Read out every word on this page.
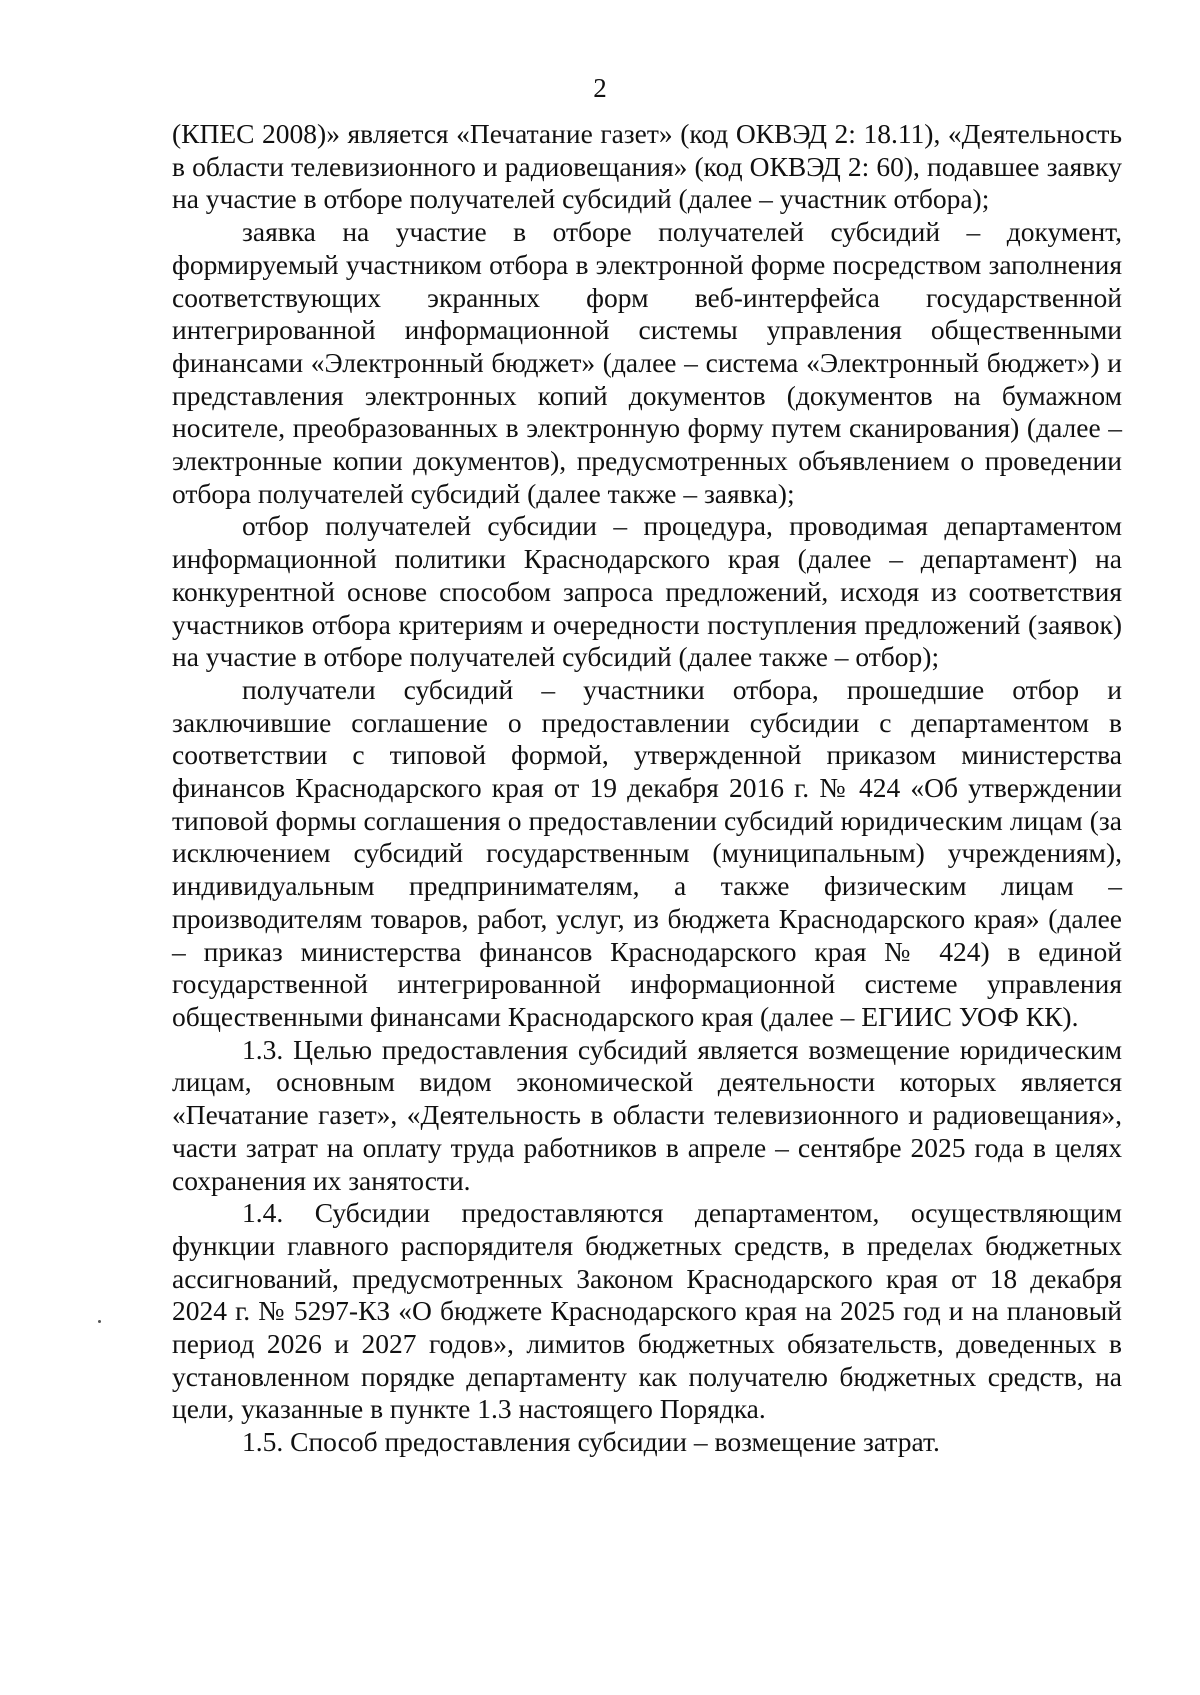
2

(КПЕС 2008)» является «Печатание газет» (код ОКВЭД 2: 18.11), «Деятельность в области телевизионного и радиовещания» (код ОКВЭД 2: 60), подавшее заявку на участие в отборе получателей субсидий (далее – участник отбора);

заявка на участие в отборе получателей субсидий – документ, формируемый участником отбора в электронной форме посредством заполнения соответствующих экранных форм веб-интерфейса государственной интегрированной информационной системы управления общественными финансами «Электронный бюджет» (далее – система «Электронный бюджет») и представления электронных копий документов (документов на бумажном носителе, преобразованных в электронную форму путем сканирования) (далее – электронные копии документов), предусмотренных объявлением о проведении отбора получателей субсидий (далее также – заявка);

отбор получателей субсидии – процедура, проводимая департаментом информационной политики Краснодарского края (далее – департамент) на конкурентной основе способом запроса предложений, исходя из соответствия участников отбора критериям и очередности поступления предложений (заявок) на участие в отборе получателей субсидий (далее также – отбор);

получатели субсидий – участники отбора, прошедшие отбор и заключившие соглашение о предоставлении субсидии с департаментом в соответствии с типовой формой, утвержденной приказом министерства финансов Краснодарского края от 19 декабря 2016 г. № 424 «Об утверждении типовой формы соглашения о предоставлении субсидий юридическим лицам (за исключением субсидий государственным (муниципальным) учреждениям), индивидуальным предпринимателям, а также физическим лицам – производителям товаров, работ, услуг, из бюджета Краснодарского края» (далее – приказ министерства финансов Краснодарского края № 424) в единой государственной интегрированной информационной системе управления общественными финансами Краснодарского края (далее – ЕГИИС УОФ КК).

1.3. Целью предоставления субсидий является возмещение юридическим лицам, основным видом экономической деятельности которых является «Печатание газет», «Деятельность в области телевизионного и радиовещания», части затрат на оплату труда работников в апреле – сентябре 2025 года в целях сохранения их занятости.

1.4. Субсидии предоставляются департаментом, осуществляющим функции главного распорядителя бюджетных средств, в пределах бюджетных ассигнований, предусмотренных Законом Краснодарского края от 18 декабря 2024 г. № 5297-КЗ «О бюджете Краснодарского края на 2025 год и на плановый период 2026 и 2027 годов», лимитов бюджетных обязательств, доведенных в установленном порядке департаменту как получателю бюджетных средств, на цели, указанные в пункте 1.3 настоящего Порядка.

1.5. Способ предоставления субсидии – возмещение затрат.
